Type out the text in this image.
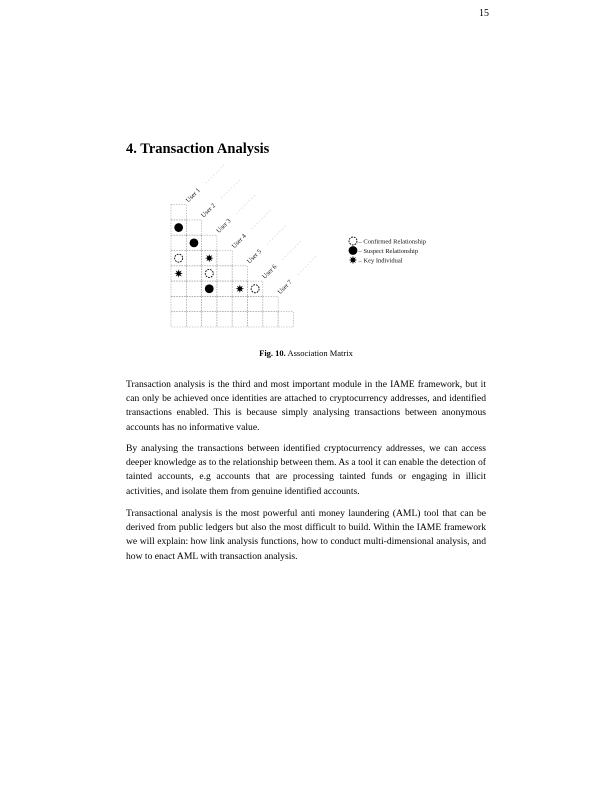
15
4. Transaction Analysis
User 1
- - - - - - - -
User 2
- - - - - - - -
User 3
- - - - - - - -
User 4
- - - - - - - -
User 5
- - - - - - - -
User 6
- - - - - - - -
User 7
- - - - - - - -
– Confirmed Relationship
– Suspect Relationship
– Key Individual
Fig. 10. Association Matrix

Transaction analysis is the third and most important module in the IAME framework, but it can only be achieved once identities are attached to cryptocurrency addresses, and identified transactions enabled. This is because simply analysing transactions between anonymous accounts has no informative value.

By analysing the transactions between identified cryptocurrency addresses, we can access deeper knowledge as to the relationship between them. As a tool it can enable the detection of tainted accounts, e.g accounts that are processing tainted funds or engaging in illicit activities, and isolate them from genuine identified accounts.

Transactional analysis is the most powerful anti money laundering (AML) tool that can be derived from public ledgers but also the most difficult to build. Within the IAME framework we will explain: how link analysis functions, how to conduct multi-dimensional analysis, and how to enact AML with transaction analysis.
